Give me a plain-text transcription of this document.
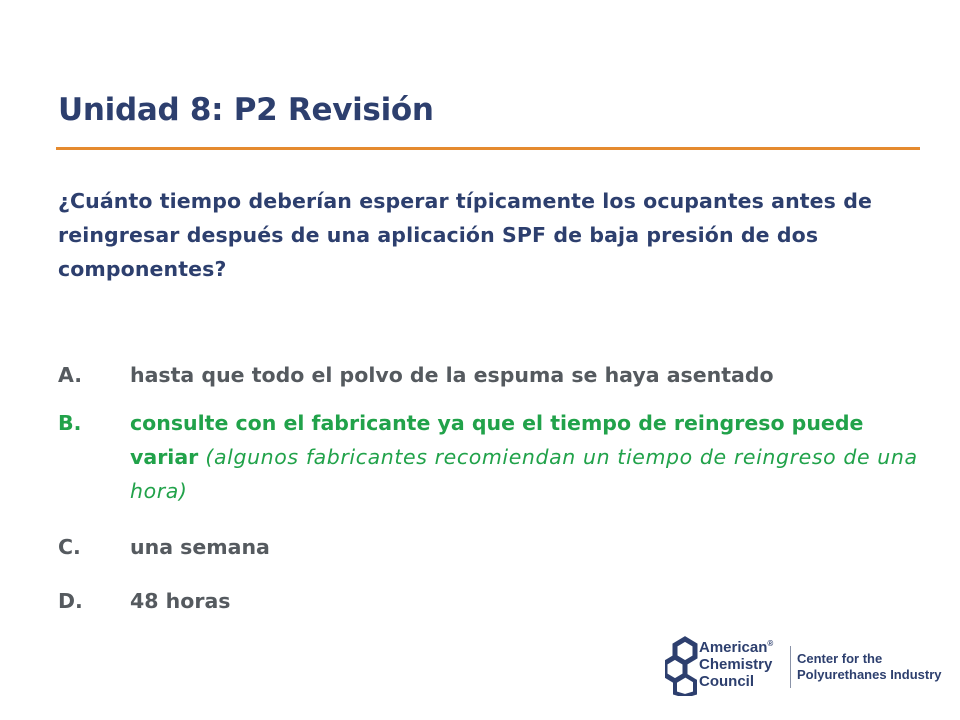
Unidad 8: P2 Revisión
¿Cuánto tiempo deberían esperar típicamente los ocupantes antes de reingresar después de una aplicación SPF de baja presión de dos componentes?
A.	hasta que todo el polvo de la espuma se haya asentado
B.	consulte con el fabricante ya que el tiempo de reingreso puede variar (algunos fabricantes recomiendan un tiempo de reingreso de una hora)
C.	una semana
D.	48 horas
American®
Chemistry
Council
Center for the
Polyurethanes Industry
